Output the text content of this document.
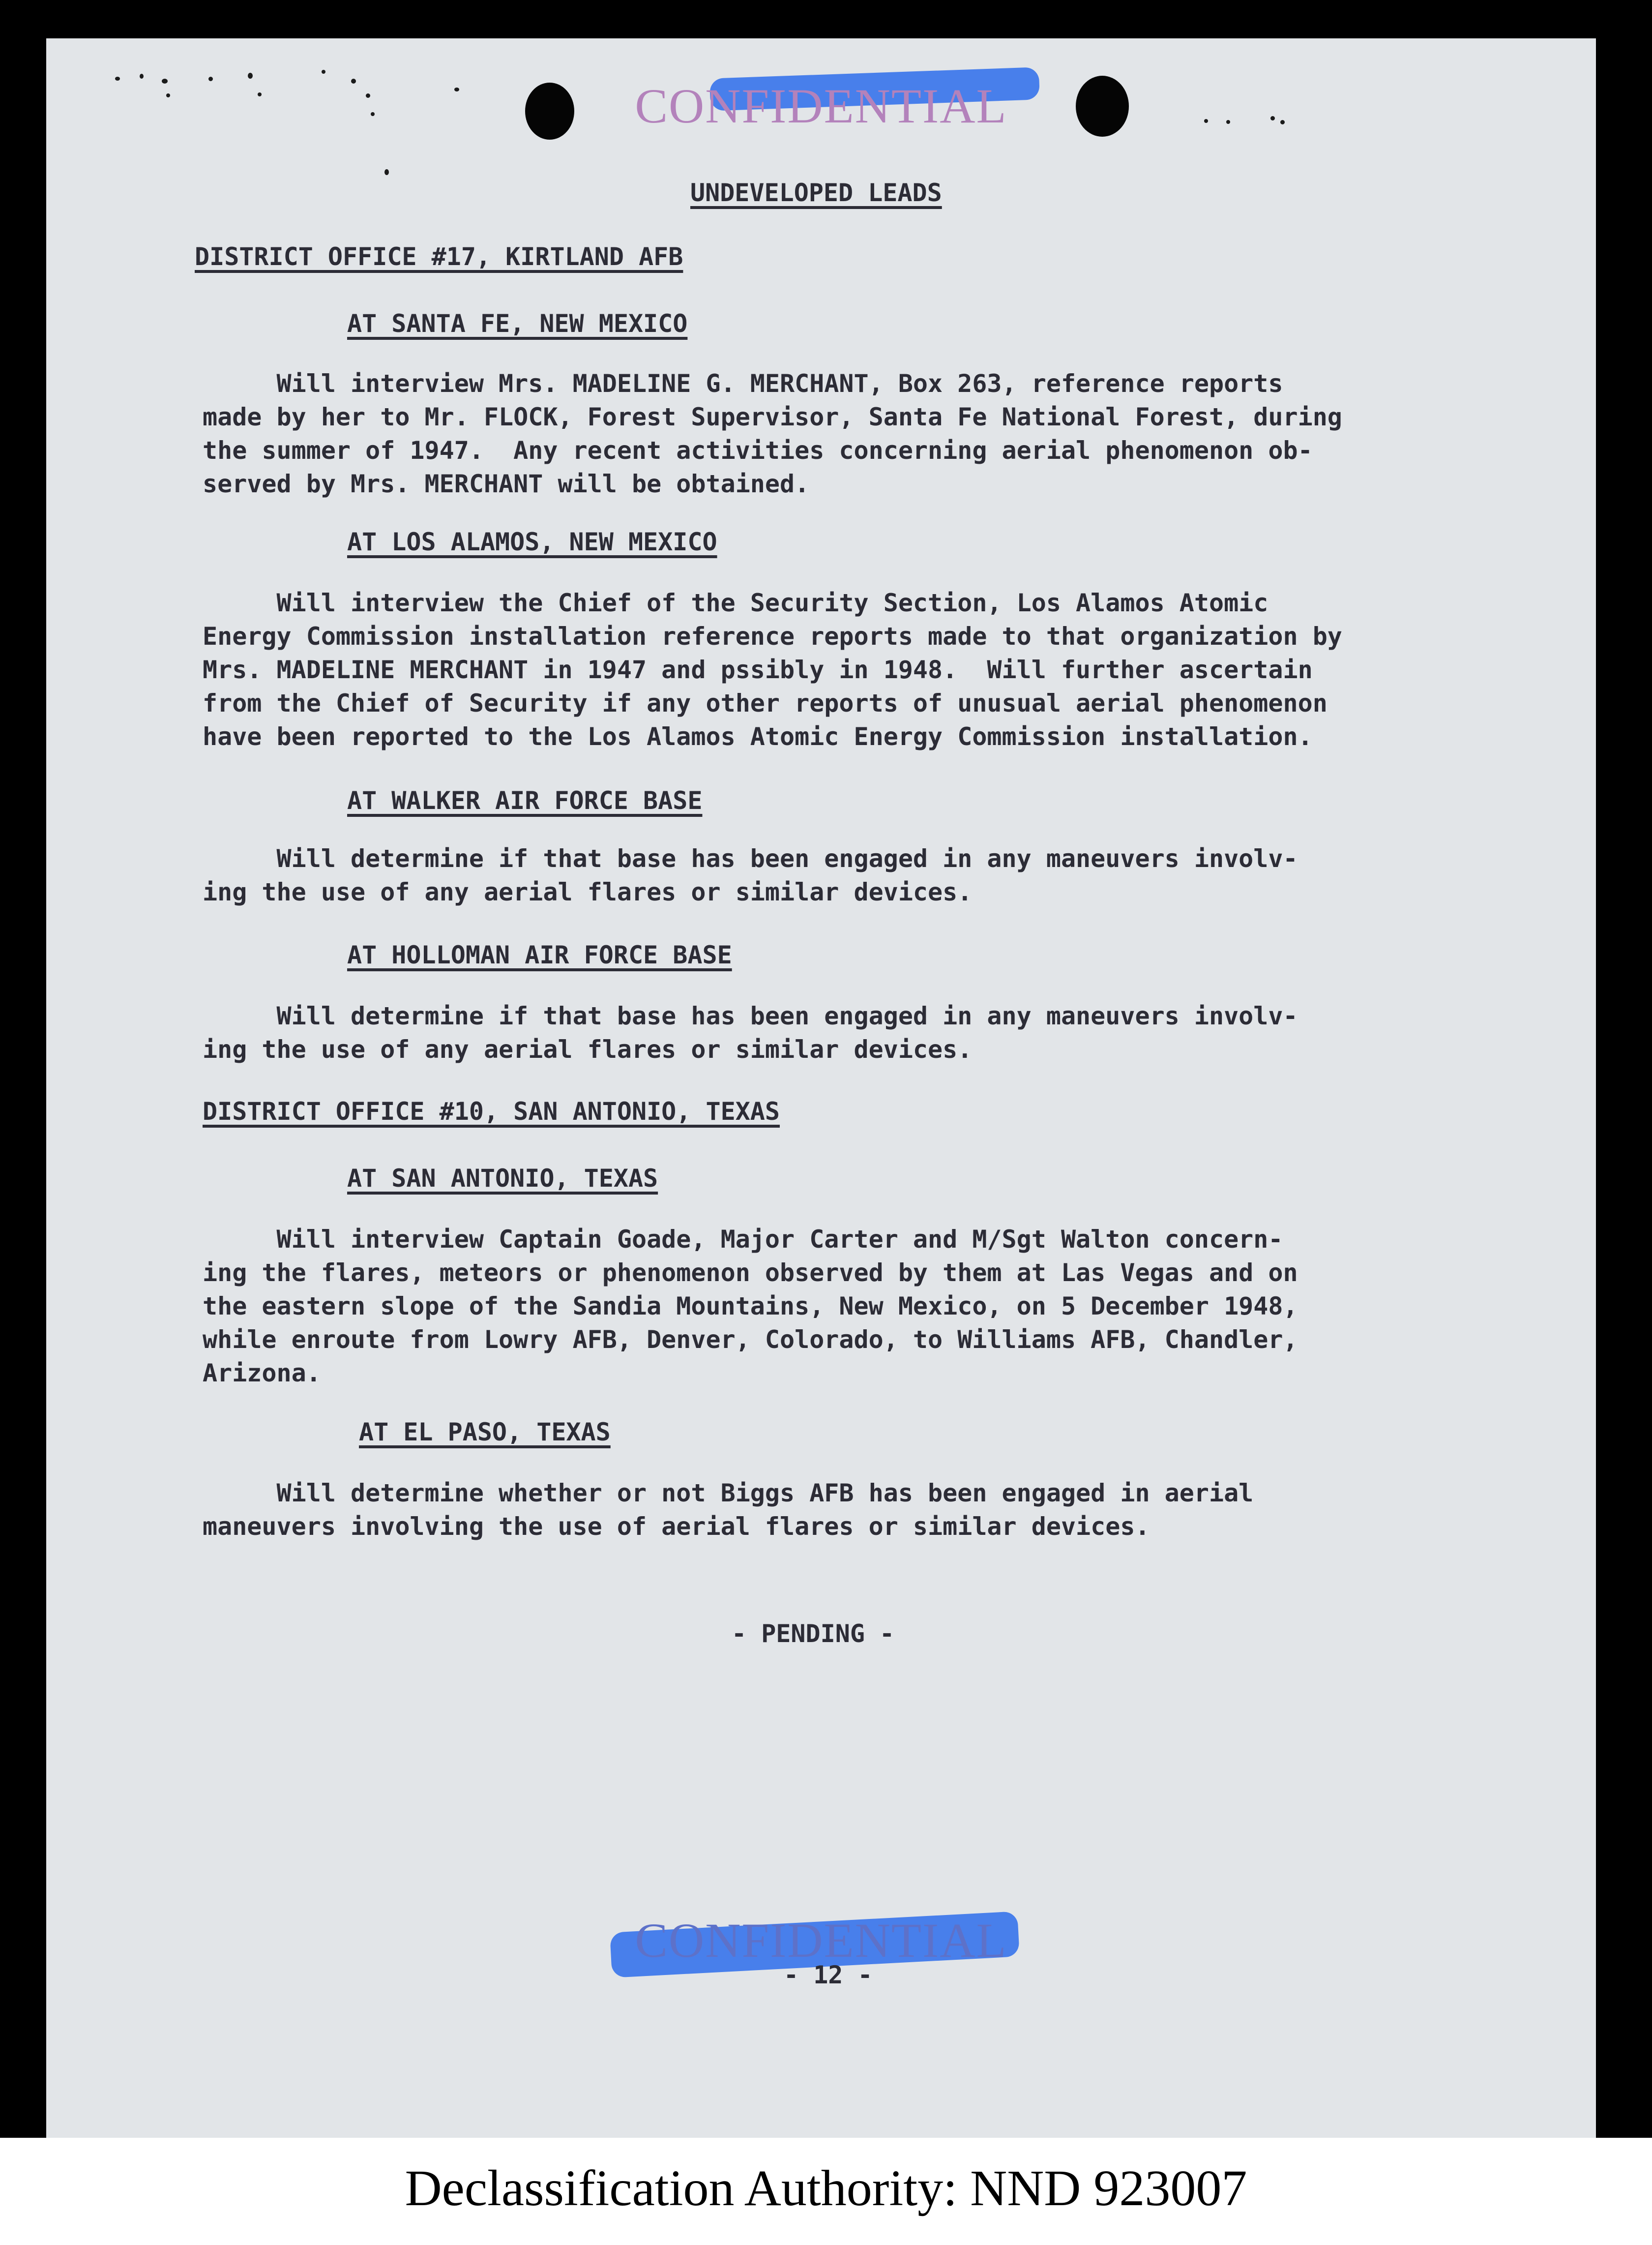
CONFIDENTIAL
UNDEVELOPED LEADS
DISTRICT OFFICE #17, KIRTLAND AFB
AT SANTA FE, NEW MEXICO
Will interview Mrs. MADELINE G. MERCHANT, Box 263, reference reports
made by her to Mr. FLOCK, Forest Supervisor, Santa Fe National Forest, during
the summer of 1947.  Any recent activities concerning aerial phenomenon ob-
served by Mrs. MERCHANT will be obtained.
AT LOS ALAMOS, NEW MEXICO
Will interview the Chief of the Security Section, Los Alamos Atomic
Energy Commission installation reference reports made to that organization by
Mrs. MADELINE MERCHANT in 1947 and pssibly in 1948.  Will further ascertain
from the Chief of Security if any other reports of unusual aerial phenomenon
have been reported to the Los Alamos Atomic Energy Commission installation.
AT WALKER AIR FORCE BASE
Will determine if that base has been engaged in any maneuvers involv-
ing the use of any aerial flares or similar devices.
AT HOLLOMAN AIR FORCE BASE
Will determine if that base has been engaged in any maneuvers involv-
ing the use of any aerial flares or similar devices.
DISTRICT OFFICE #10, SAN ANTONIO, TEXAS
AT SAN ANTONIO, TEXAS
Will interview Captain Goade, Major Carter and M/Sgt Walton concern-
ing the flares, meteors or phenomenon observed by them at Las Vegas and on
the eastern slope of the Sandia Mountains, New Mexico, on 5 December 1948,
while enroute from Lowry AFB, Denver, Colorado, to Williams AFB, Chandler,
Arizona.
AT EL PASO, TEXAS
Will determine whether or not Biggs AFB has been engaged in aerial
maneuvers involving the use of aerial flares or similar devices.
- PENDING -
CONFIDENTIAL
- 12 -
Declassification Authority: NND 923007
